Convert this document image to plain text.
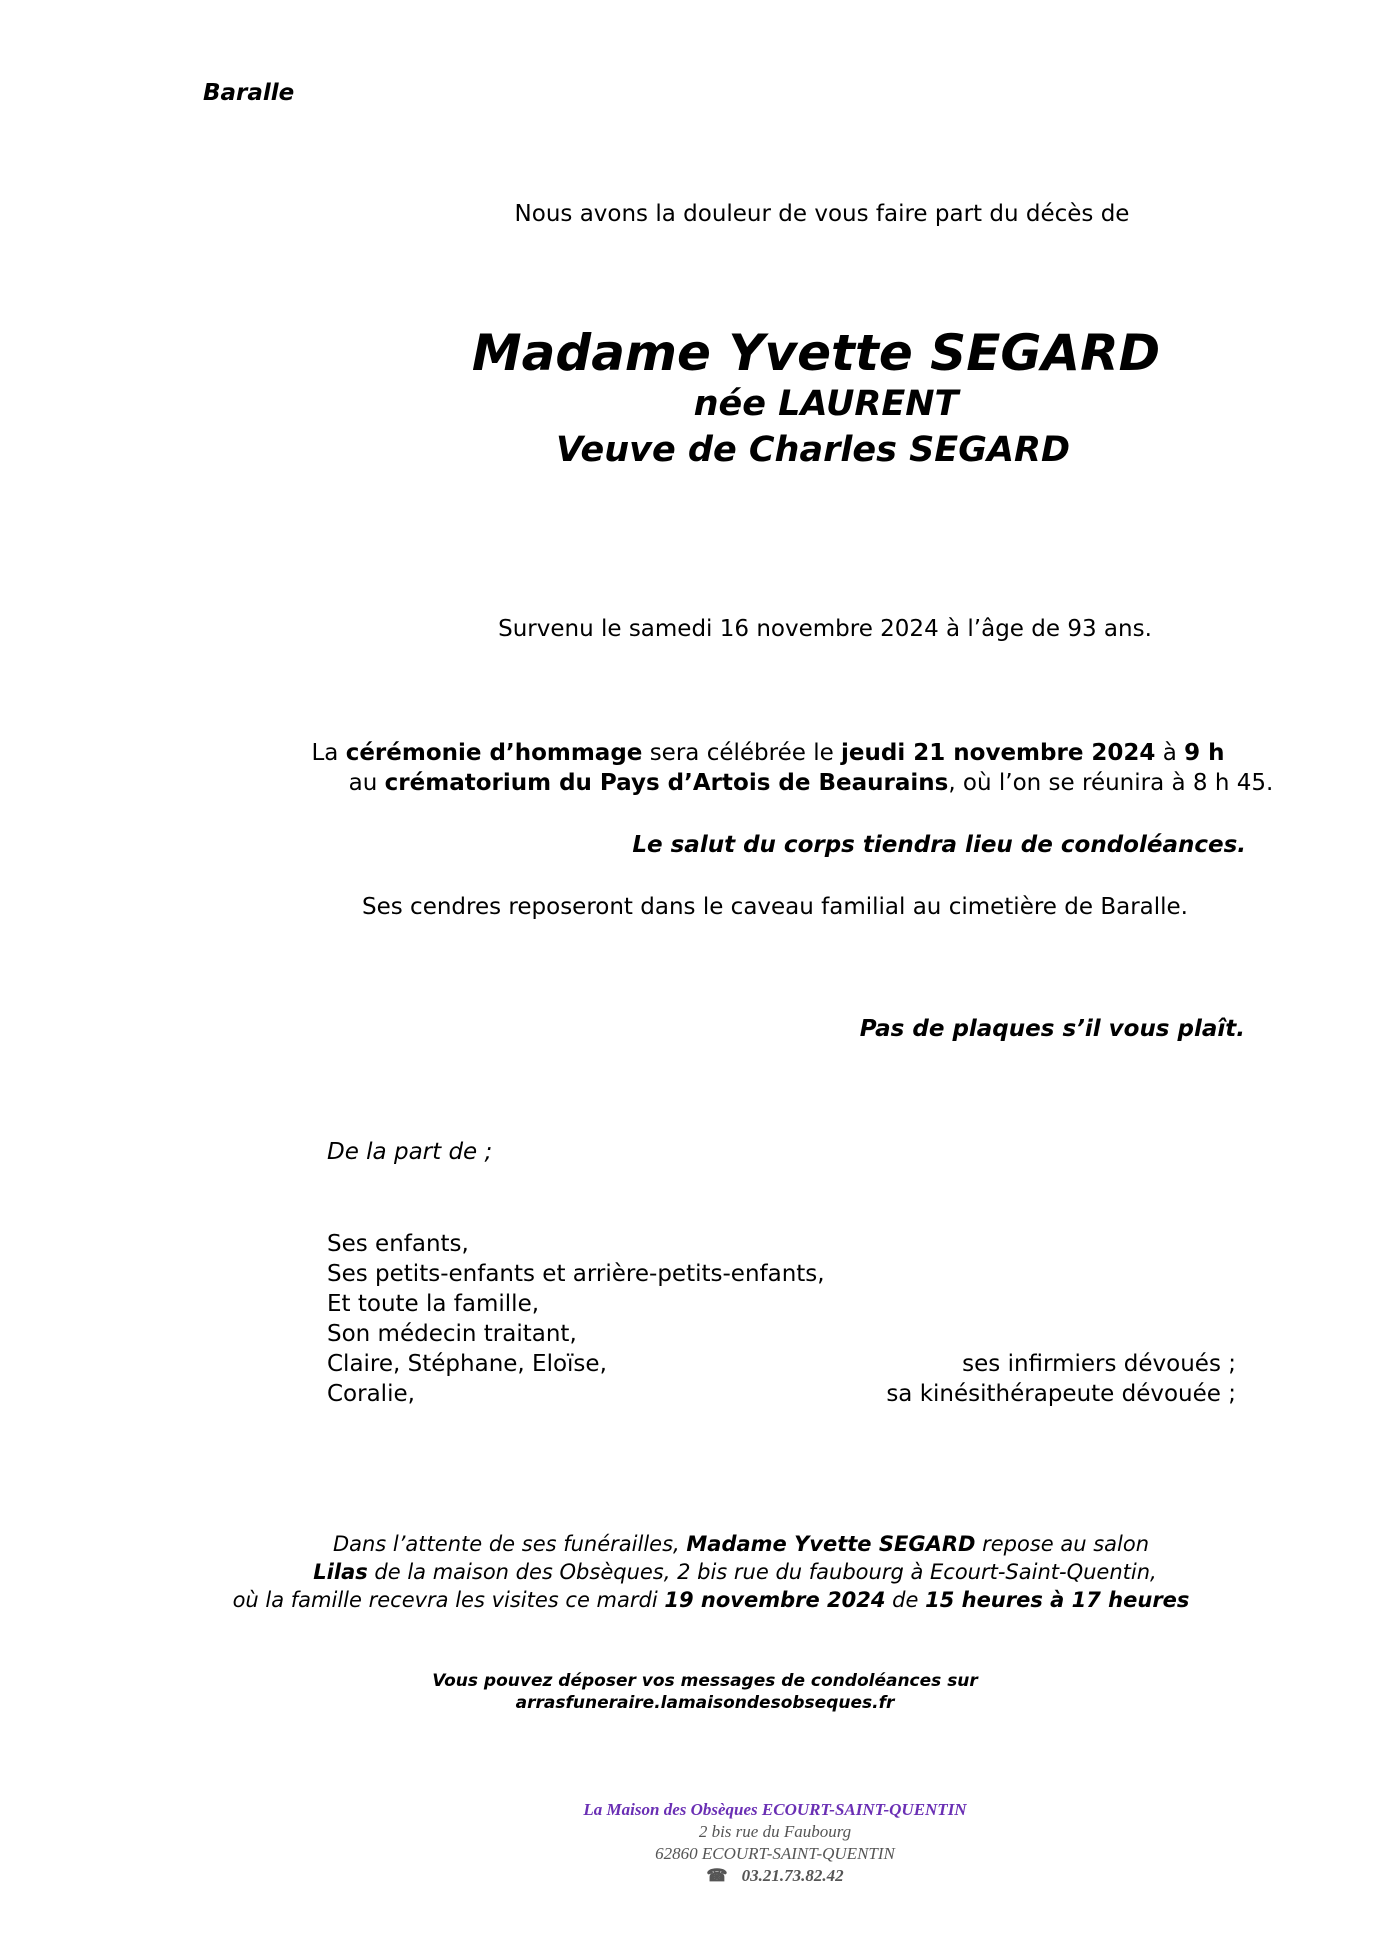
Baralle
Nous avons la douleur de vous faire part du décès de
Madame Yvette SEGARD
née LAURENT
Veuve de Charles SEGARD
Survenu le samedi 16 novembre 2024 à l’âge de 93 ans.
La cérémonie d’hommage sera célébrée le jeudi 21 novembre 2024 à 9 h
au crématorium du Pays d’Artois de Beaurains, où l’on se réunira à 8 h 45.
Le salut du corps tiendra lieu de condoléances.
Ses cendres reposeront dans le caveau familial au cimetière de Baralle.
Pas de plaques s’il vous plaît.
De la part de ;
Ses enfants,
Ses petits-enfants et arrière-petits-enfants,
Et toute la famille,
Son médecin traitant,
Claire, Stéphane, Eloïse,	ses infirmiers dévoués ;
Coralie,	sa kinésithérapeute dévouée ;
Dans l’attente de ses funérailles, Madame Yvette SEGARD repose au salon
Lilas de la maison des Obsèques, 2 bis rue du faubourg à Ecourt-Saint-Quentin,
où la famille recevra les visites ce mardi 19 novembre 2024 de 15 heures à 17 heures
Vous pouvez déposer vos messages de condoléances sur
arrasfuneraire.lamaisondesobseques.fr
La Maison des Obsèques ECOURT-SAINT-QUENTIN
2 bis rue du Faubourg
62860 ECOURT-SAINT-QUENTIN
☎ 03.21.73.82.42
